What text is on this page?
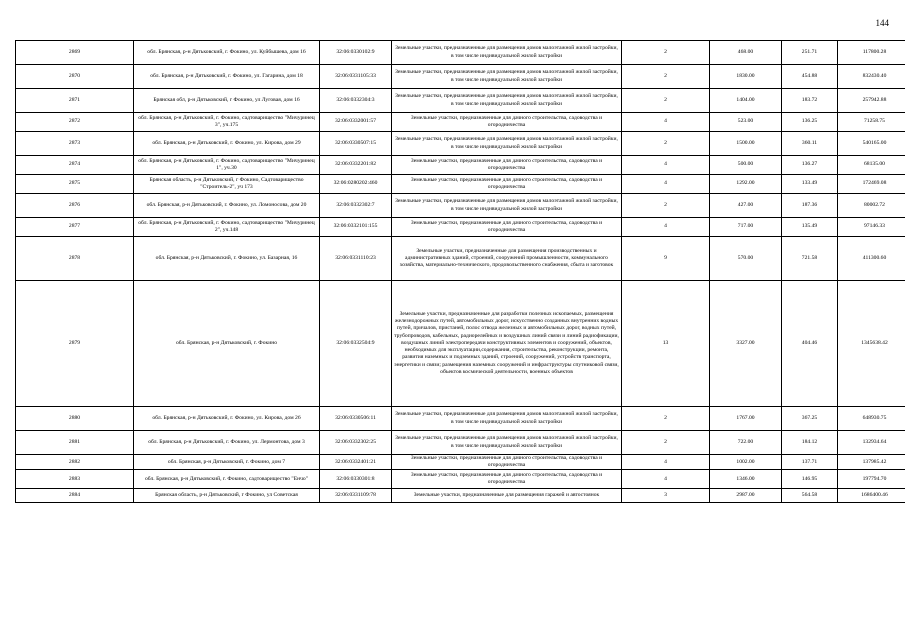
144
2869	обл. Брянская, р-н Дятьковский, г. Фокино, ул. Куйбышева, дом 16	32:06:0330102:9	Земельные участки, предназначенные для размещения домов малоэтажной жилой застройки, в том числе индивидуальной жилой застройки	2	468.00	251.71	117800.28
2870	обл. Брянская, р-н Дятьковский, г. Фокино, ул. Гагарина, дом 18	32:06:0331105:33	Земельные участки, предназначенные для размещения домов малоэтажной жилой застройки, в том числе индивидуальной жилой застройки	2	1830.00	454.88	832430.40
2871	Брянская обл, р-н Дятьковский, г Фокино, ул Луговая, дом 16	32:06:0332304:3	Земельные участки, предназначенные для размещения домов малоэтажной жилой застройки, в том числе индивидуальной жилой застройки	2	1404.00	183.72	257942.88
2872	обл. Брянская, р-н Дятьковский, г. Фокино, садтоварищество "Мичуринец 3", уч.175	32:06:0332001:57	Земельные участки, предназначенные для дачного строительства, садоводства и огородничества	4	523.00	136.25	71258.75
2873	обл. Брянская, р-н Дятьковский, г. Фокино, ул. Кирова, дом 29	32:06:0330507:15	Земельные участки, предназначенные для размещения домов малоэтажной жилой застройки, в том числе индивидуальной жилой застройки	2	1500.00	360.11	540165.00
2874	обл. Брянская, р-н Дятьковский, г. Фокино, садтоварищество "Мичуринец 1", уч.30	32:06:0332201:82	Земельные участки, предназначенные для дачного строительства, садоводства и огородничества	4	500.00	136.27	68135.00
2875	Брянская область, р-н Дятьковский, г Фокино, Садтоварищество "Строитель-2", уч 173	32:06:0280202:460	Земельные участки, предназначенные для дачного строительства, садоводства и огородничества	4	1292.00	133.49	172469.08
2876	обл. Брянская, р-н Дятьковский, г. Фокино, ул. Ломоносова, дом 20	32:06:0332302:7	Земельные участки, предназначенные для размещения домов малоэтажной жилой застройки, в том числе индивидуальной жилой застройки	2	427.00	187.36	80002.72
2877	обл. Брянская, р-н Дятьковский, г. Фокино, садтоварищество "Мичуринец 2", уч.148	32:06:0332101:155	Земельные участки, предназначенные для дачного строительства, садоводства и огородничества	4	717.00	135.49	97146.33
2878	обл. Брянская, р-н Дятьковский, г. Фокино, ул. Базарная, 16	32:06:0331110:23	Земельные участки, предназначенные для размещения производственных и административных зданий, строений, сооружений промышленности, коммунального хозяйства, материально-технического, продовольственного снабжения, сбыта и заготовок	9	570.00	721.58	411300.60
2879	обл. Брянская, р-н Дятьковский, г. Фокино	32:06:0332504:9	Земельные участки, предназначенные для разработки полезных ископаемых, размещения железнодорожных путей, автомобильных дорог, искусственно созданных внутренних водных путей, причалов, пристаней, полос отвода железных и автомобильных дорог, водных путей, трубопроводов, кабельных, радиорелейных и воздушных линий связи и линий радиофикации, воздушных линий электропередачи конструктивных элементов и сооружений, объектов, необходимых для эксплуатации,содержания, строительства, реконструкции, ремонта, развития наземных и подземных зданий, строений, сооружений, устройств транспорта, энергетики и связи; размещения наземных сооружений и инфраструктуры спутниковой связи, объектов космической деятельности, военных объектов	13	3327.00	404.46	1345638.42
2880	обл. Брянская, р-н Дятьковский, г. Фокино, ул. Кирова, дом 26	32:06:0330506:11	Земельные участки, предназначенные для размещения домов малоэтажной жилой застройки, в том числе индивидуальной жилой застройки	2	1767.00	367.25	648930.75
2881	обл. Брянская, р-н Дятьковский, г. Фокино, ул. Лермонтова, дом 3	32:06:0332302:25	Земельные участки, предназначенные для размещения домов малоэтажной жилой застройки, в том числе индивидуальной жилой застройки	2	722.00	184.12	132934.64
2882	обл. Брянская, р-н Дятьковский, г. Фокино, дом 7	32:06:0332401:21	Земельные участки, предназначенные для дачного строительства, садоводства и огородничества	4	1002.00	137.71	137985.42
2883	обл. Брянская, р-н Дятьковский, г. Фокино, садтоварищество "Енчо"	32:06:0330301:8	Земельные участки, предназначенные для дачного строительства, садоводства и огородничества	4	1346.00	146.95	197794.70
2884	Брянская область, р-н Дятьковский, г Фокино, ул Советская	32:06:0331109:78	Земельные участки, предназначенные для размещения гаражей и автостоянок	3	2987.00	564.58	1686400.46
